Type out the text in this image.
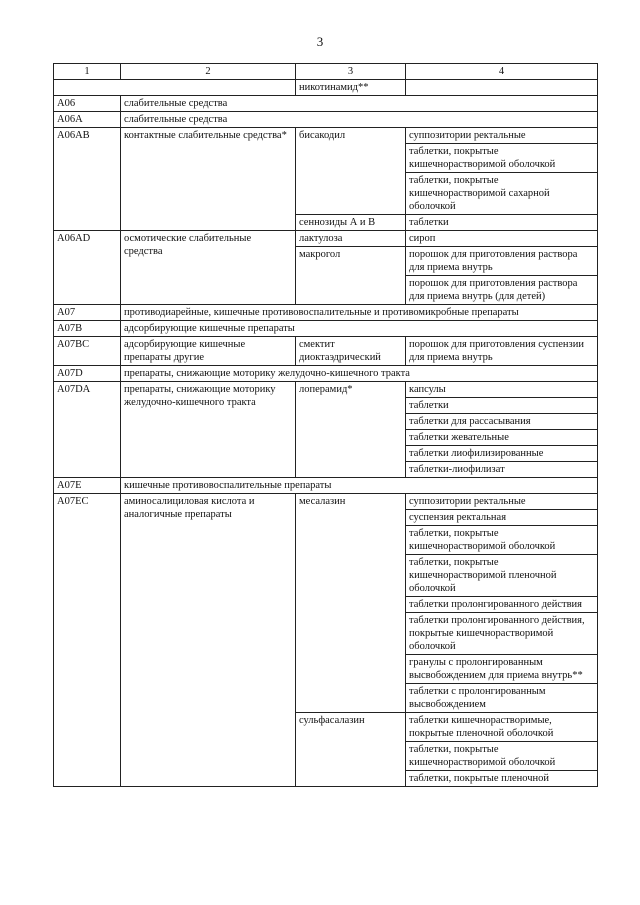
3
1	2	3	4
		никотинамид**	
A06	слабительные средства		
A06A	слабительные средства		
A06AB	контактные слабительные средства*	бисакодил	суппозитории ректальные
			таблетки, покрытые кишечнорастворимой оболочкой
			таблетки, покрытые кишечнорастворимой сахарной оболочкой
		сеннозиды А и В	таблетки
A06AD	осмотические слабительные средства	лактулоза	сироп
		макрогол	порошок для приготовления раствора для приема внутрь
			порошок для приготовления раствора для приема внутрь (для детей)
A07	противодиарейные, кишечные противовоспалительные и противомикробные препараты		
A07B	адсорбирующие кишечные препараты		
A07BC	адсорбирующие кишечные препараты другие	смектит диоктаэдрический	порошок для приготовления суспензии для приема внутрь
A07D	препараты, снижающие моторику желудочно-кишечного тракта		
A07DA	препараты, снижающие моторику желудочно-кишечного тракта	лоперамид*	капсулы
			таблетки
			таблетки для рассасывания
			таблетки жевательные
			таблетки лиофилизированные
			таблетки-лиофилизат
A07E	кишечные противовоспалительные препараты		
A07EC	аминосалициловая кислота и аналогичные препараты	месалазин	суппозитории ректальные
			суспензия ректальная
			таблетки, покрытые кишечнорастворимой оболочкой
			таблетки, покрытые кишечнорастворимой пленочной оболочкой
			таблетки пролонгированного действия
			таблетки пролонгированного действия, покрытые кишечнорастворимой оболочкой
			гранулы с пролонгированным высвобождением для приема внутрь**
			таблетки с пролонгированным высвобождением
		сульфасалазин	таблетки кишечнорастворимые, покрытые пленочной оболочкой
			таблетки, покрытые кишечнорастворимой оболочкой
			таблетки, покрытые пленочной
